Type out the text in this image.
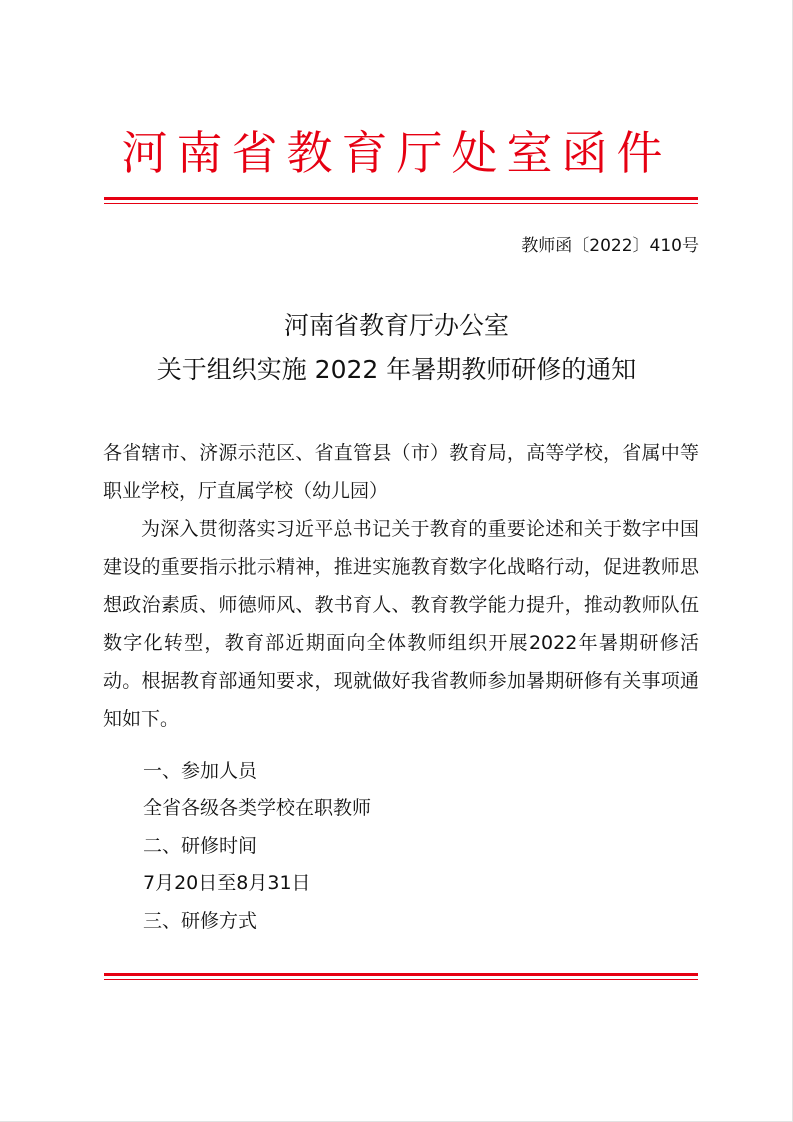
河南省教育厅处室函件
教师函〔2022〕410号
河南省教育厅办公室
关于组织实施 2022 年暑期教师研修的通知
各省辖市、济源示范区、省直管县（市）教育局，高等学校，省属中等职业学校，厅直属学校（幼儿园）
为深入贯彻落实习近平总书记关于教育的重要论述和关于数字中国建设的重要指示批示精神，推进实施教育数字化战略行动，促进教师思想政治素质、师德师风、教书育人、教育教学能力提升，推动教师队伍数字化转型，教育部近期面向全体教师组织开展2022年暑期研修活动。根据教育部通知要求，现就做好我省教师参加暑期研修有关事项通知如下。
一、参加人员
全省各级各类学校在职教师
二、研修时间
7月20日至8月31日
三、研修方式
